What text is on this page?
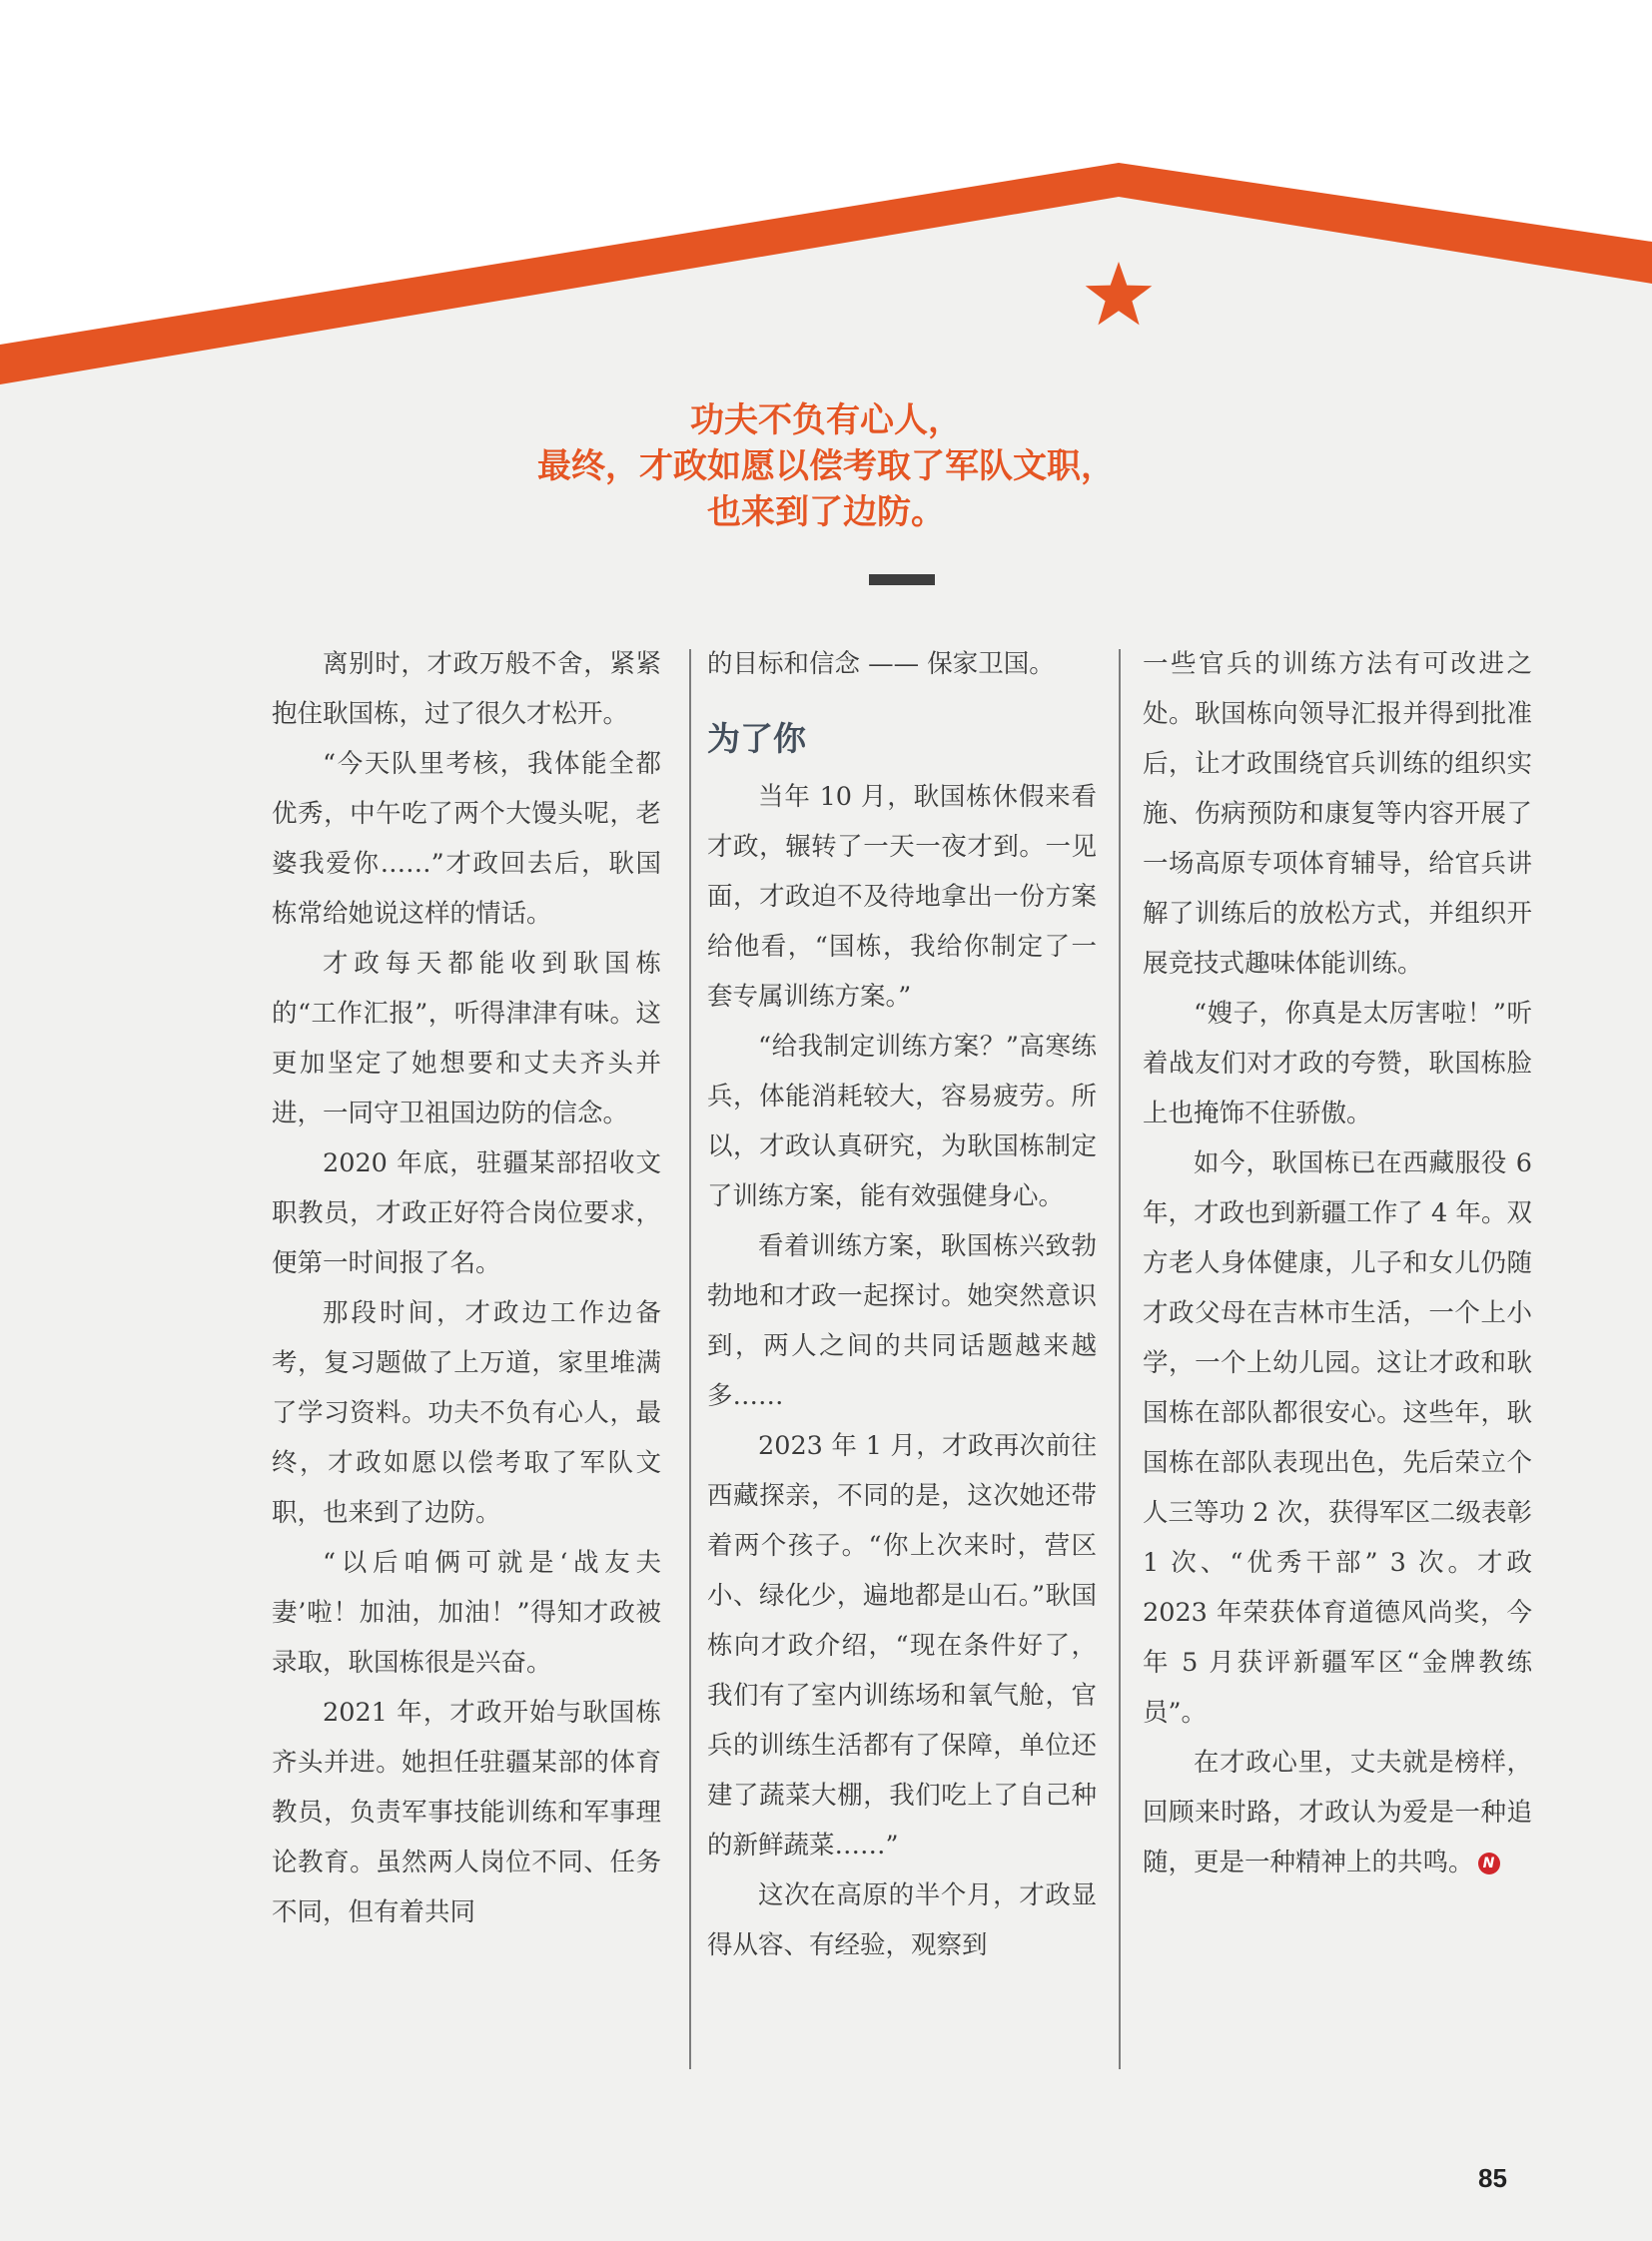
功夫不负有心人，

最终，才政如愿以偿考取了军队文职，

也来到了边防。

离别时，才政万般不舍，紧紧抱住耿国栋，过了很久才松开。

“今天队里考核，我体能全都优秀，中午吃了两个大馒头呢，老婆我爱你……”才政回去后，耿国栋常给她说这样的情话。

才政每天都能收到耿国栋的“工作汇报”，听得津津有味。这更加坚定了她想要和丈夫齐头并进，一同守卫祖国边防的信念。

2020 年底，驻疆某部招收文职教员，才政正好符合岗位要求，便第一时间报了名。

那段时间，才政边工作边备考，复习题做了上万道，家里堆满了学习资料。功夫不负有心人，最终，才政如愿以偿考取了军队文职，也来到了边防。

“以后咱俩可就是‘战友夫妻’啦！加油，加油！”得知才政被录取，耿国栋很是兴奋。

2021 年，才政开始与耿国栋齐头并进。她担任驻疆某部的体育教员，负责军事技能训练和军事理论教育。虽然两人岗位不同、任务不同，但有着共同

的目标和信念 —— 保家卫国。

为了你

当年 10 月，耿国栋休假来看才政，辗转了一天一夜才到。一见面，才政迫不及待地拿出一份方案给他看，“国栋，我给你制定了一套专属训练方案。”

“给我制定训练方案？”高寒练兵，体能消耗较大，容易疲劳。所以，才政认真研究，为耿国栋制定了训练方案，能有效强健身心。

看着训练方案，耿国栋兴致勃勃地和才政一起探讨。她突然意识到，两人之间的共同话题越来越多……

2023 年 1 月，才政再次前往西藏探亲，不同的是，这次她还带着两个孩子。“你上次来时，营区小、绿化少，遍地都是山石。”耿国栋向才政介绍，“现在条件好了，我们有了室内训练场和氧气舱，官兵的训练生活都有了保障，单位还建了蔬菜大棚，我们吃上了自己种的新鲜蔬菜……”

这次在高原的半个月，才政显得从容、有经验，观察到

一些官兵的训练方法有可改进之处。耿国栋向领导汇报并得到批准后，让才政围绕官兵训练的组织实施、伤病预防和康复等内容开展了一场高原专项体育辅导，给官兵讲解了训练后的放松方式，并组织开展竞技式趣味体能训练。

“嫂子，你真是太厉害啦！”听着战友们对才政的夸赞，耿国栋脸上也掩饰不住骄傲。

如今，耿国栋已在西藏服役 6 年，才政也到新疆工作了 4 年。双方老人身体健康，儿子和女儿仍随才政父母在吉林市生活，一个上小学，一个上幼儿园。这让才政和耿国栋在部队都很安心。这些年，耿国栋在部队表现出色，先后荣立个人三等功 2 次，获得军区二级表彰 1 次、“优秀干部” 3 次。才政 2023 年荣获体育道德风尚奖，今年 5 月获评新疆军区“金牌教练员”。

在才政心里，丈夫就是榜样，回顾来时路，才政认为爱是一种追随，更是一种精神上的共鸣。 N

85
